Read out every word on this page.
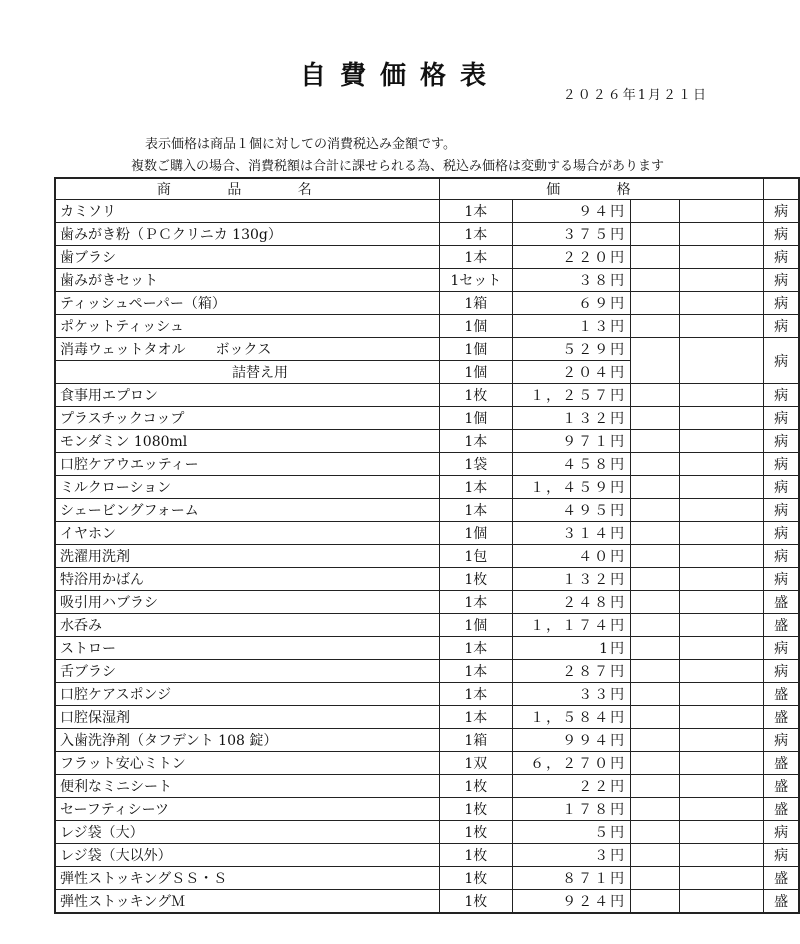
自費価格表
２０２６年1月２１日
表示価格は商品１個に対しての消費税込み金額です。
複数ご購入の場合、消費税額は合計に課せられる為、税込み価格は変動する場合があります
商 品 名	価 格				
カミソリ	1本	９４円			病
歯みがき粉（ＰＣクリニカ 130g）	1本	３７５円			病
歯ブラシ	1本	２２０円			病
歯みがきセット	1セット	３８円			病
ティッシュペーパー（箱）	1箱	６９円			病
ポケットティッシュ	1個	１３円			病
消毒ウェットタオル ボックス	1個	５２９円			病
詰替え用	1個	２０４円			
食事用エプロン	1枚	１，２５７円			病
プラスチックコップ	1個	１３２円			病
モンダミン 1080ml	1本	９７１円			病
口腔ケアウエッティー	1袋	４５８円			病
ミルクローション	1本	１，４５９円			病
シェービングフォーム	1本	４９５円			病
イヤホン	1個	３１４円			病
洗濯用洗剤	1包	４０円			病
特浴用かばん	1枚	１３２円			病
吸引用ハブラシ	1本	２４８円			盛
水呑み	1個	１，１７４円			盛
ストロー	1本	1円			病
舌ブラシ	1本	２８７円			病
口腔ケアスポンジ	1本	３３円			盛
口腔保湿剤	1本	１，５８４円			盛
入歯洗浄剤（タフデント 108 錠）	1箱	９９４円			病
フラット安心ミトン	1双	６，２７０円			盛
便利なミニシート	1枚	２２円			盛
セーフティシーツ	1枚	１７８円			盛
レジ袋（大）	1枚	５円			病
レジ袋（大以外）	1枚	３円			病
弾性ストッキングＳＳ・Ｓ	1枚	８７１円			盛
弾性ストッキングＭ	1枚	９２４円			盛
